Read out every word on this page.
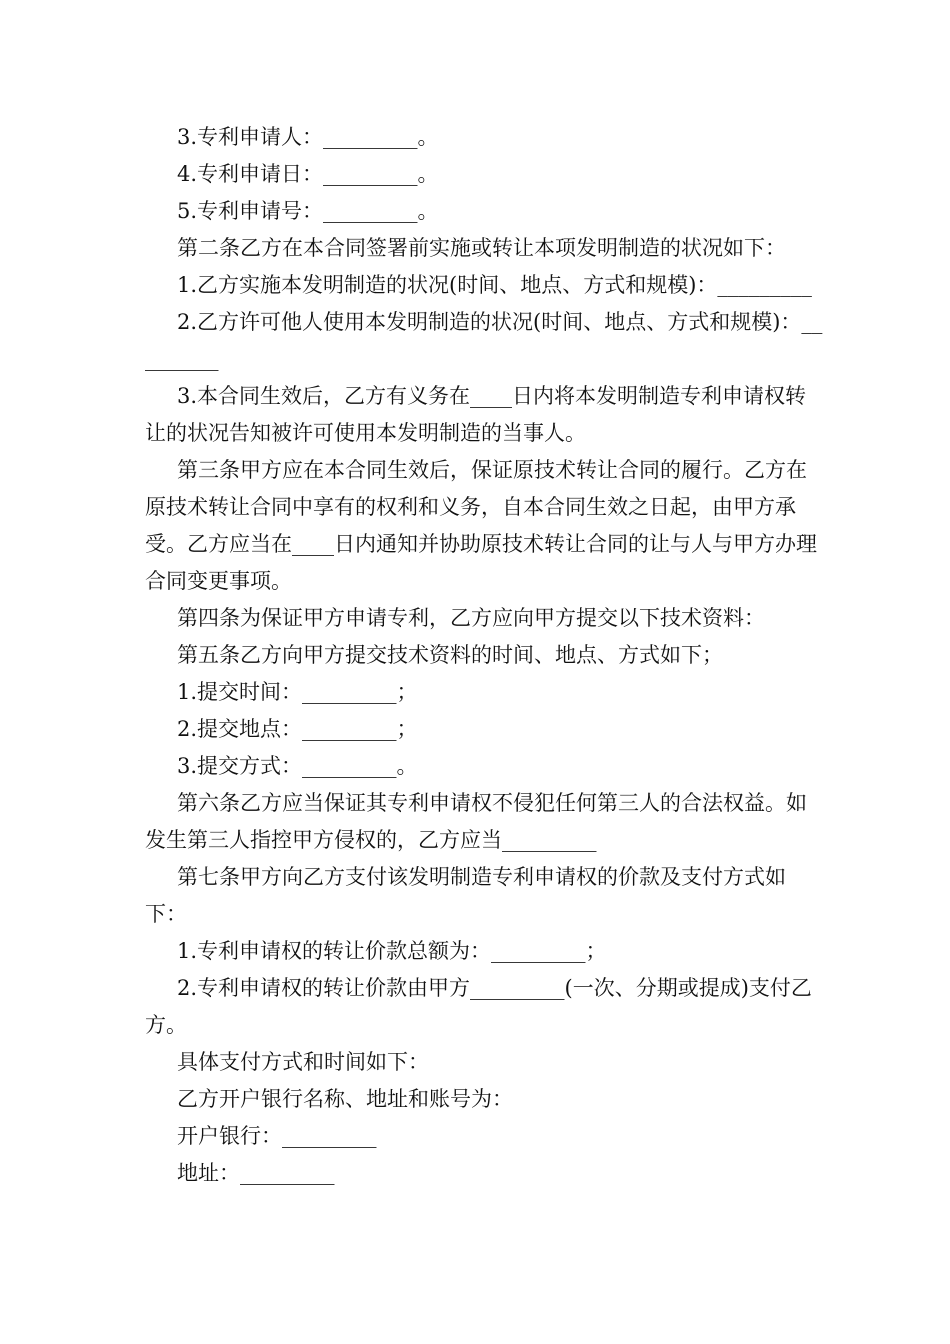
3.专利申请人：_________。

4.专利申请日：_________。

5.专利申请号：_________。

第二条乙方在本合同签署前实施或转让本项发明制造的状况如下：

1.乙方实施本发明制造的状况(时间、地点、方式和规模)：_________

2.乙方许可他人使用本发明制造的状况(时间、地点、方式和规模)：_________

3.本合同生效后，乙方有义务在____日内将本发明制造专利申请权转让的状况告知被许可使用本发明制造的当事人。

第三条甲方应在本合同生效后，保证原技术转让合同的履行。乙方在原技术转让合同中享有的权利和义务，自本合同生效之日起，由甲方承受。乙方应当在____日内通知并协助原技术转让合同的让与人与甲方办理合同变更事项。

第四条为保证甲方申请专利，乙方应向甲方提交以下技术资料：

第五条乙方向甲方提交技术资料的时间、地点、方式如下；

1.提交时间：_________；

2.提交地点：_________；

3.提交方式：_________。

第六条乙方应当保证其专利申请权不侵犯任何第三人的合法权益。如发生第三人指控甲方侵权的，乙方应当_________

第七条甲方向乙方支付该发明制造专利申请权的价款及支付方式如下：

1.专利申请权的转让价款总额为：_________；

2.专利申请权的转让价款由甲方_________(一次、分期或提成)支付乙方。

具体支付方式和时间如下：

乙方开户银行名称、地址和账号为：

开户银行：_________

地址：_________
